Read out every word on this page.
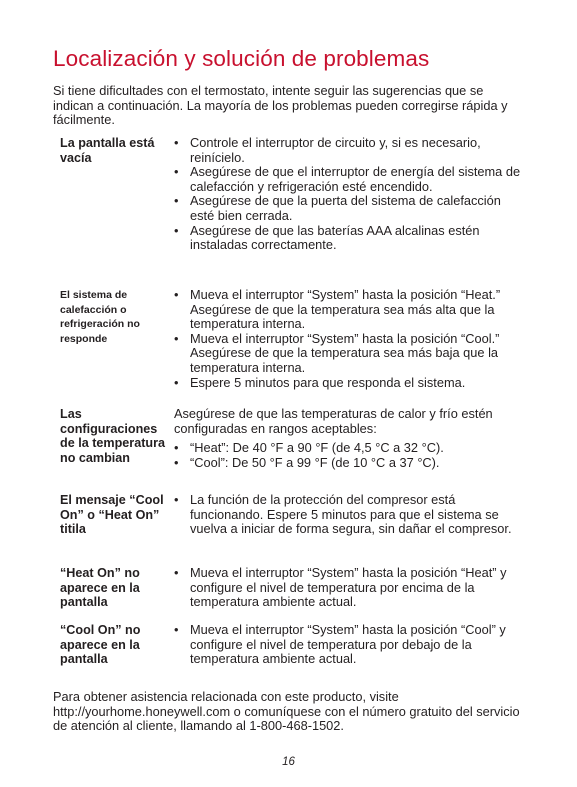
Localización y solución de problemas

Si tiene dificultades con el termostato, intente seguir las sugerencias que se indican a continuación. La mayoría de los problemas pueden corregirse rápida y fácilmente.

La pantalla está vacía
• Controle el interruptor de circuito y, si es necesario, reinícielo.
• Asegúrese de que el interruptor de energía del sistema de calefacción y refrigeración esté encendido.
• Asegúrese de que la puerta del sistema de calefacción esté bien cerrada.
• Asegúrese de que las baterías AAA alcalinas estén instaladas correctamente.
El sistema de calefacción o refrigeración no responde
• Mueva el interruptor “System” hasta la posición “Heat.” Asegúrese de que la temperatura sea más alta que la temperatura interna.
• Mueva el interruptor “System” hasta la posición “Cool.” Asegúrese de que la temperatura sea más baja que la temperatura interna.
• Espere 5 minutos para que responda el sistema.
Las configuraciones de la temperatura no cambian

Asegúrese de que las temperaturas de calor y frío estén configuradas en rangos aceptables:

• “Heat”: De 40 °F a 90 °F (de 4,5 °C a 32 °C).
• “Cool”: De 50 °F a 99 °F (de 10 °C a 37 °C).
El mensaje “Cool On” o “Heat On” titila
• La función de la protección del compresor está funcionando. Espere 5 minutos para que el sistema se vuelva a iniciar de forma segura, sin dañar el compresor.
“Heat On” no aparece en la pantalla
• Mueva el interruptor “System” hasta la posición “Heat” y configure el nivel de temperatura por encima de la temperatura ambiente actual.
“Cool On” no aparece en la pantalla
• Mueva el interruptor “System” hasta la posición “Cool” y configure el nivel de temperatura por debajo de la temperatura ambiente actual.

Para obtener asistencia relacionada con este producto, visite http://yourhome.honeywell.com o comuníquese con el número gratuito del servicio de atención al cliente, llamando al 1-800-468-1502.

16
